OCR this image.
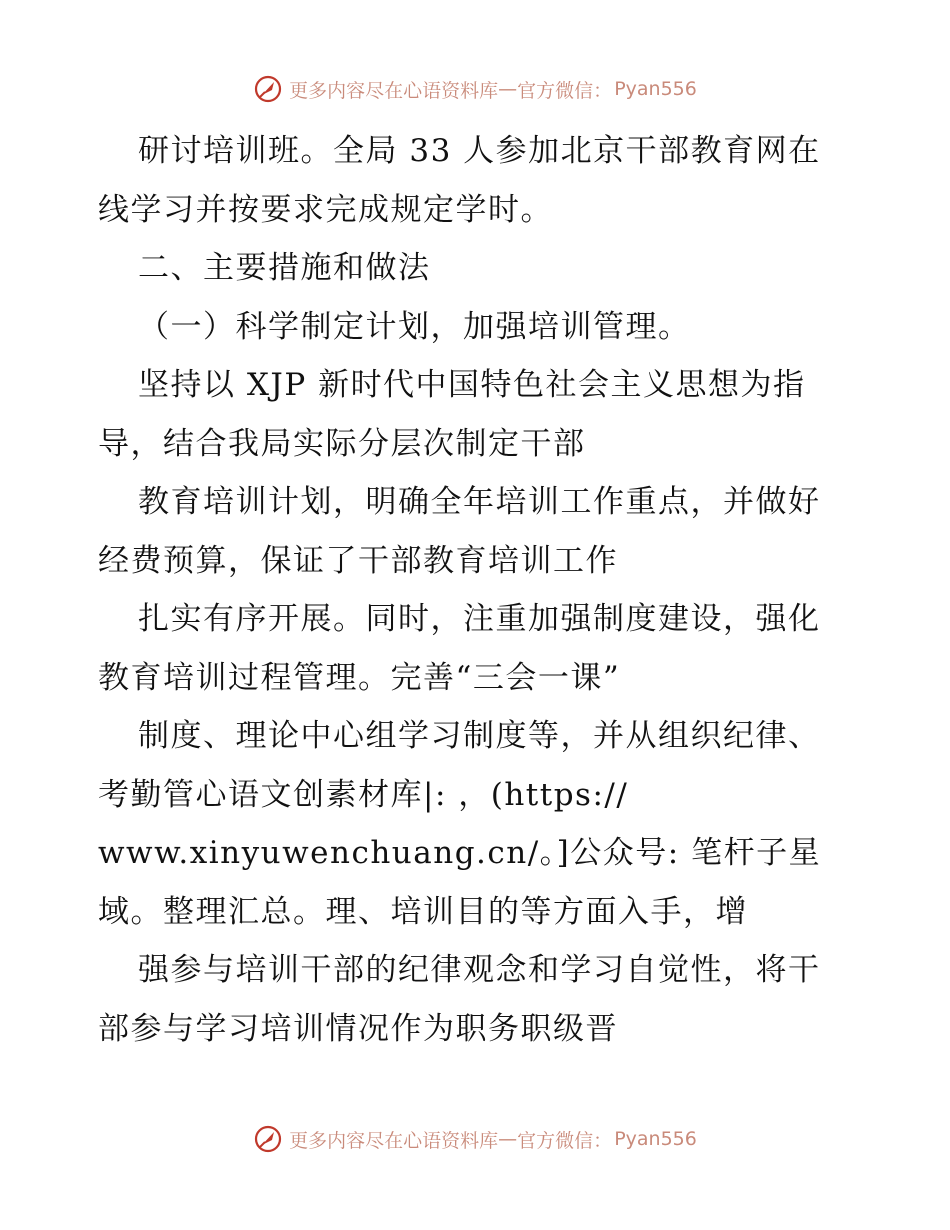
更多内容尽在心语资料库 — 官方微信： Pyan556
研讨培训班。全局 33 人参加北京干部教育网在
线学习并按要求完成规定学时。
二、主要措施和做法
（一）科学制定计划，加强培训管理。
坚持以 XJP 新时代中国特色社会主义思想为指
导，结合我局实际分层次制定干部
教育培训计划，明确全年培训工作重点，并做好
经费预算，保证了干部教育培训工作
扎实有序开展。同时，注重加强制度建设，强化
教育培训过程管理。完善“三会一课”
制度、理论中心组学习制度等，并从组织纪律、
考勤管心语文创素材库|: ，(https://
www.xinyuwenchuang.cn/。]公众号: 笔杆子星
域。整理汇总。理、培训目的等方面入手，增
强参与培训干部的纪律观念和学习自觉性，将干
部参与学习培训情况作为职务职级晋
更多内容尽在心语资料库 — 官方微信： Pyan556
